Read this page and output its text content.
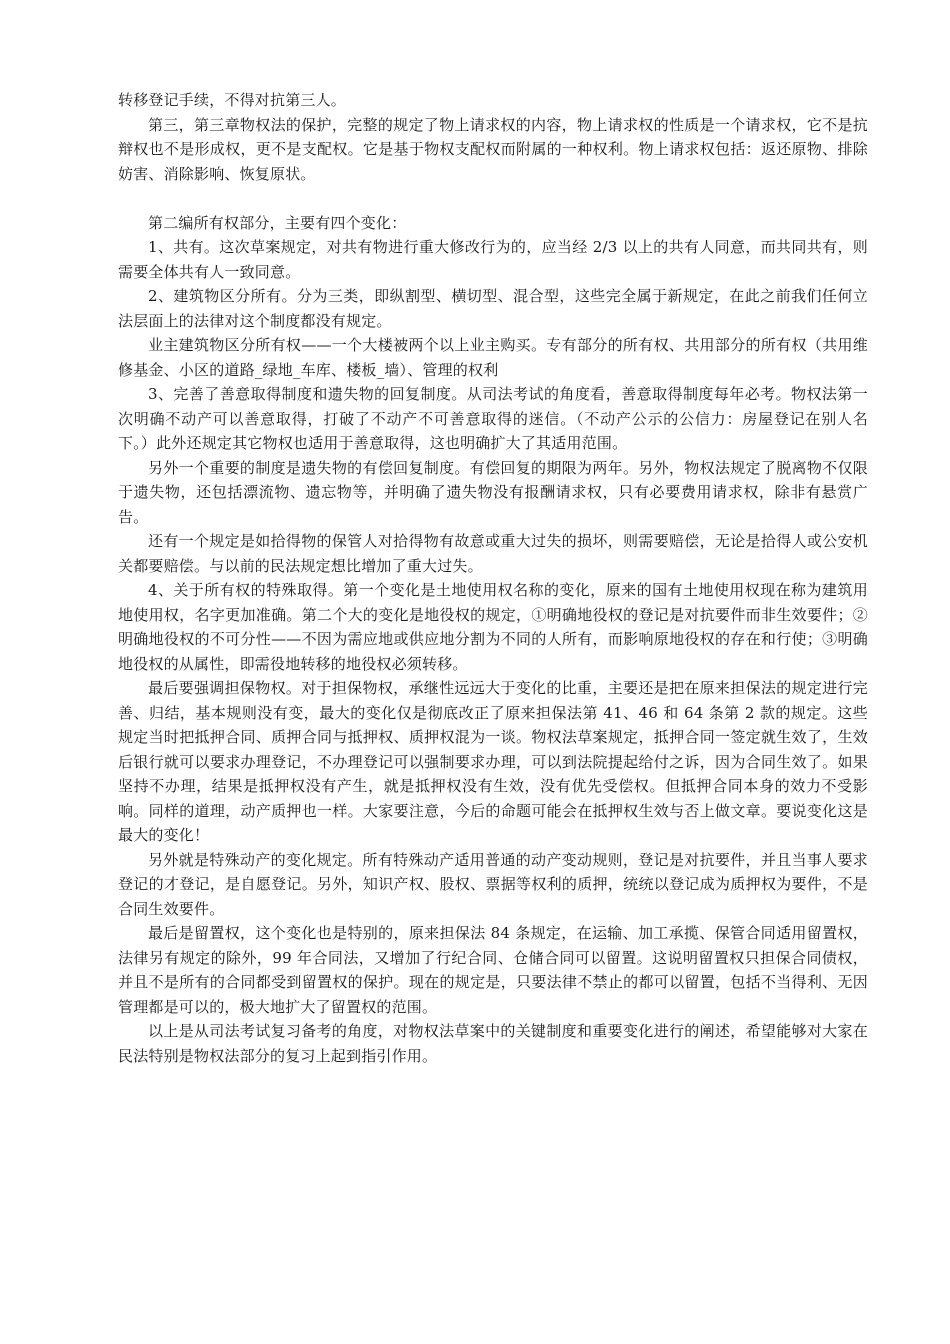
转移登记手续，不得对抗第三人。

第三，第三章物权法的保护，完整的规定了物上请求权的内容，物上请求权的性质是一个请求权，它不是抗辩权也不是形成权，更不是支配权。它是基于物权支配权而附属的一种权利。物上请求权包括：返还原物、排除妨害、消除影响、恢复原状。

第二编所有权部分，主要有四个变化：

1、共有。这次草案规定，对共有物进行重大修改行为的，应当经 2/3 以上的共有人同意，而共同共有，则需要全体共有人一致同意。

2、建筑物区分所有。分为三类，即纵割型、横切型、混合型，这些完全属于新规定，在此之前我们任何立法层面上的法律对这个制度都没有规定。

业主建筑物区分所有权——一个大楼被两个以上业主购买。专有部分的所有权、共用部分的所有权（共用维修基金、小区的道路_绿地_车库、楼板_墙）、管理的权利

3、完善了善意取得制度和遗失物的回复制度。从司法考试的角度看，善意取得制度每年必考。物权法第一次明确不动产可以善意取得，打破了不动产不可善意取得的迷信。（不动产公示的公信力：房屋登记在别人名下。）此外还规定其它物权也适用于善意取得，这也明确扩大了其适用范围。

另外一个重要的制度是遗失物的有偿回复制度。有偿回复的期限为两年。另外，物权法规定了脱离物不仅限于遗失物，还包括漂流物、遗忘物等，并明确了遗失物没有报酬请求权，只有必要费用请求权，除非有悬赏广告。

还有一个规定是如拾得物的保管人对拾得物有故意或重大过失的损坏，则需要赔偿，无论是拾得人或公安机关都要赔偿。与以前的民法规定想比增加了重大过失。

4、关于所有权的特殊取得。第一个变化是土地使用权名称的变化，原来的国有土地使用权现在称为建筑用地使用权，名字更加准确。第二个大的变化是地役权的规定，①明确地役权的登记是对抗要件而非生效要件；②明确地役权的不可分性——不因为需应地或供应地分割为不同的人所有，而影响原地役权的存在和行使；③明确地役权的从属性，即需役地转移的地役权必须转移。

最后要强调担保物权。对于担保物权，承继性远远大于变化的比重，主要还是把在原来担保法的规定进行完善、归结，基本规则没有变，最大的变化仅是彻底改正了原来担保法第 41、46 和 64 条第 2 款的规定。这些规定当时把抵押合同、质押合同与抵押权、质押权混为一谈。物权法草案规定，抵押合同一签定就生效了，生效后银行就可以要求办理登记，不办理登记可以强制要求办理，可以到法院提起给付之诉，因为合同生效了。如果坚持不办理，结果是抵押权没有产生，就是抵押权没有生效，没有优先受偿权。但抵押合同本身的效力不受影响。同样的道理，动产质押也一样。大家要注意，今后的命题可能会在抵押权生效与否上做文章。要说变化这是最大的变化！

另外就是特殊动产的变化规定。所有特殊动产适用普通的动产变动规则，登记是对抗要件，并且当事人要求登记的才登记，是自愿登记。另外，知识产权、股权、票据等权利的质押，统统以登记成为质押权为要件，不是合同生效要件。

最后是留置权，这个变化也是特别的，原来担保法 84 条规定，在运输、加工承揽、保管合同适用留置权，法律另有规定的除外，99 年合同法，又增加了行纪合同、仓储合同可以留置。这说明留置权只担保合同债权，并且不是所有的合同都受到留置权的保护。现在的规定是，只要法律不禁止的都可以留置，包括不当得利、无因管理都是可以的，极大地扩大了留置权的范围。

以上是从司法考试复习备考的角度，对物权法草案中的关键制度和重要变化进行的阐述，希望能够对大家在民法特别是物权法部分的复习上起到指引作用。
